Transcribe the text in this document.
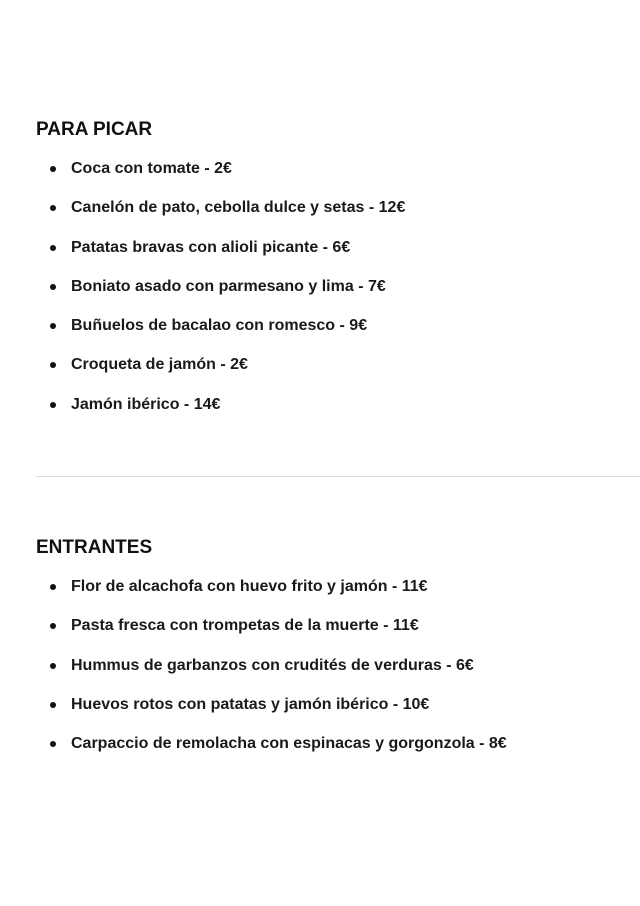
PARA PICAR
Coca con tomate - 2€
Canelón de pato, cebolla dulce y setas - 12€
Patatas bravas con alioli picante - 6€
Boniato asado con parmesano y lima - 7€
Buñuelos de bacalao con romesco - 9€
Croqueta de jamón - 2€
Jamón ibérico - 14€
ENTRANTES
Flor de alcachofa con huevo frito y jamón - 11€
Pasta fresca con trompetas de la muerte - 11€
Hummus de garbanzos con crudités de verduras - 6€
Huevos rotos con patatas y jamón ibérico - 10€
Carpaccio de remolacha con espinacas y gorgonzola - 8€
